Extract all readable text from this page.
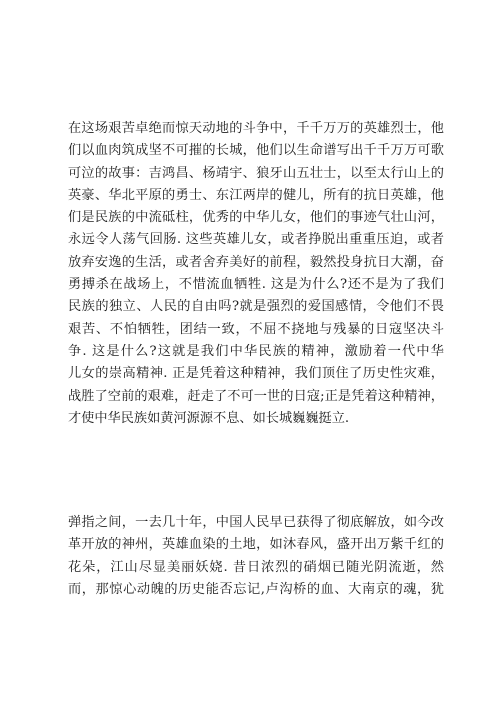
在这场艰苦卓绝而惊天动地的斗争中，千千万万的英雄烈士，他
们以血肉筑成坚不可摧的长城，他们以生命谱写出千千万万可歌
可泣的故事：吉鸿昌、杨靖宇、狼牙山五壮士，以至太行山上的
英豪、华北平原的勇士、东江两岸的健儿，所有的抗日英雄，他
们是民族的中流砥柱，优秀的中华儿女，他们的事迹气壮山河，
永远令人荡气回肠. 这些英雄儿女，或者挣脱出重重压迫，或者
放弃安逸的生活，或者舍弃美好的前程，毅然投身抗日大潮，奋
勇搏杀在战场上，不惜流血牺牲. 这是为什么?还不是为了我们
民族的独立、人民的自由吗?就是强烈的爱国感情，令他们不畏
艰苦、不怕牺牲，团结一致，不屈不挠地与残暴的日寇坚决斗
争. 这是什么?这就是我们中华民族的精神，激励着一代中华
儿女的崇高精神. 正是凭着这种精神，我们顶住了历史性灾难，
战胜了空前的艰难，赶走了不可一世的日寇;正是凭着这种精神，
才使中华民族如黄河源源不息、如长城巍巍挺立.
弹指之间，一去几十年，中国人民早已获得了彻底解放，如今改
革开放的神州，英雄血染的土地，如沐春风，盛开出万紫千红的
花朵，江山尽显美丽妖娆. 昔日浓烈的硝烟已随光阴流逝，然
而，那惊心动魄的历史能否忘记,卢沟桥的血、大南京的魂，犹
